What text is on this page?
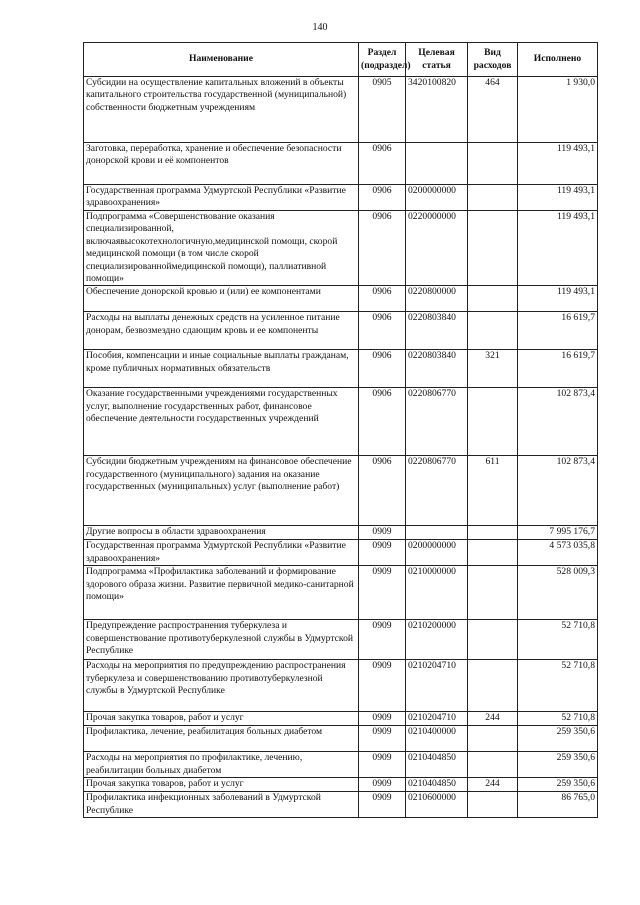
140
Наименование	Раздел (подраздел)	Целевая статья	Вид расходов	Исполнено
Субсидии на осуществление капитальных вложений в объекты капитального строительства государственной (муниципальной) собственности бюджетным учреждениям	0905	3420100820	464	1 930,0
Заготовка, переработка, хранение и обеспечение безопасности донорской крови и её компонентов	0906			119 493,1
Государственная программа Удмуртской Республики «Развитие здравоохранения»	0906	0200000000		119 493,1
Подпрограмма «Совершенствование оказания специализированной, включаявысокотехнологичную,медицинской помощи, скорой медицинской помощи (в том числе скорой специализированноймедицинской помощи), паллиативной помощи»	0906	0220000000		119 493,1
Обеспечение донорской кровью и (или) ее компонентами	0906	0220800000		119 493,1
Расходы на выплаты денежных средств на усиленное питание донорам, безвозмездно сдающим кровь и ее компоненты	0906	0220803840		16 619,7
Пособия, компенсации и иные социальные выплаты гражданам, кроме публичных нормативных обязательств	0906	0220803840	321	16 619,7
Оказание государственными учреждениями государственных услуг, выполнение государственных работ, финансовое обеспечение деятельности государственных учреждений	0906	0220806770		102 873,4
Субсидии бюджетным учреждениям на финансовое обеспечение государственного (муниципального) задания на оказание государственных (муниципальных) услуг (выполнение работ)	0906	0220806770	611	102 873,4
Другие вопросы в области здравоохранения	0909			7 995 176,7
Государственная программа Удмуртской Республики «Развитие здравоохранения»	0909	0200000000		4 573 035,8
Подпрограмма «Профилактика заболеваний и формирование здорового образа жизни. Развитие первичной медико-санитарной помощи»	0909	0210000000		528 009,3
Предупреждение распространения туберкулеза и совершенствование противотуберкулезной службы в Удмуртской Республике	0909	0210200000		52 710,8
Расходы на мероприятия по предупреждению распространения туберкулеза и совершенствованию противотуберкулезной службы в Удмуртской Республике	0909	0210204710		52 710,8
Прочая закупка товаров, работ и услуг	0909	0210204710	244	52 710,8
Профилактика, лечение, реабилитация больных диабетом	0909	0210400000		259 350,6
Расходы на мероприятия по профилактике, лечению, реабилитации больных диабетом	0909	0210404850		259 350,6
Прочая закупка товаров, работ и услуг	0909	0210404850	244	259 350,6
Профилактика инфекционных заболеваний в Удмуртской Республике	0909	0210600000		86 765,0
